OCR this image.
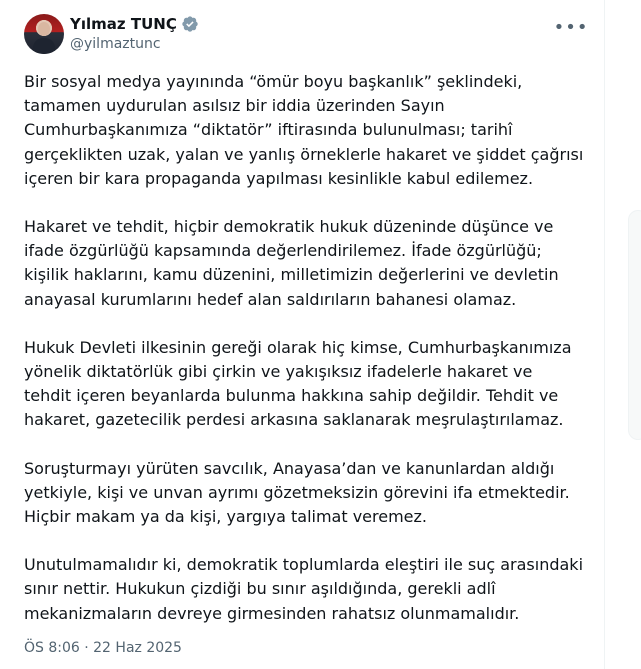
Yılmaz TUNÇ
@yilmaztunc
•••

Bir sosyal medya yayınında “ömür boyu başkanlık” şeklindeki, tamamen uydurulan asılsız bir iddia üzerinden Sayın Cumhurbaşkanımıza “diktatör” iftirasında bulunulması; tarihî gerçeklikten uzak, yalan ve yanlış örneklerle hakaret ve şiddet çağrısı içeren bir kara propaganda yapılması kesinlikle kabul edilemez.

Hakaret ve tehdit, hiçbir demokratik hukuk düzeninde düşünce ve ifade özgürlüğü kapsamında değerlendirilemez. İfade özgürlüğü; kişilik haklarını, kamu düzenini, milletimizin değerlerini ve devletin anayasal kurumlarını hedef alan saldırıların bahanesi olamaz.

Hukuk Devleti ilkesinin gereği olarak hiç kimse, Cumhurbaşkanımıza yönelik diktatörlük gibi çirkin ve yakışıksız ifadelerle hakaret ve tehdit içeren beyanlarda bulunma hakkına sahip değildir. Tehdit ve hakaret, gazetecilik perdesi arkasına saklanarak meşrulaştırılamaz.

Soruşturmayı yürüten savcılık, Anayasa’dan ve kanunlardan aldığı yetkiyle, kişi ve unvan ayrımı gözetmeksizin görevini ifa etmektedir. Hiçbir makam ya da kişi, yargıya talimat veremez.

Unutulmamalıdır ki, demokratik toplumlarda eleştiri ile suç arasındaki sınır nettir. Hukukun çizdiği bu sınır aşıldığında, gerekli adlî mekanizmaların devreye girmesinden rahatsız olunmamalıdır.

ÖS 8:06 · 22 Haz 2025
